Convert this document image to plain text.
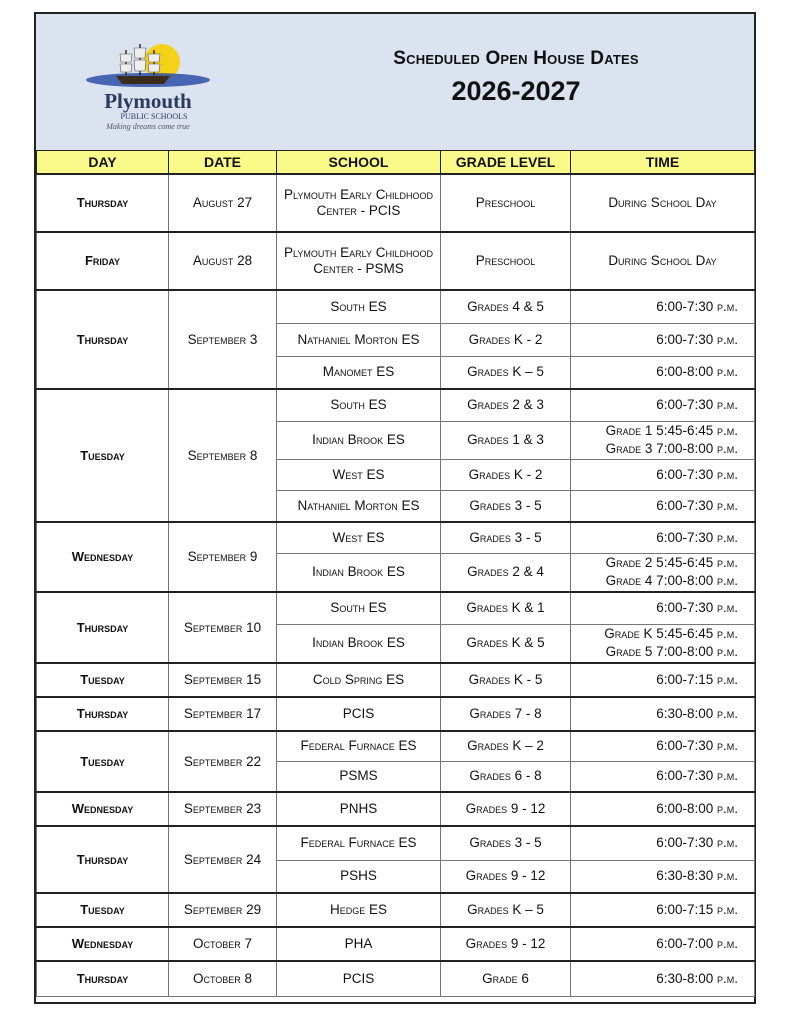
Plymouth
PUBLIC SCHOOLS
Making dreams come true
Scheduled Open House Dates
2026-2027
DAY	DATE	SCHOOL	GRADE LEVEL	TIME
Thursday	August 27	Plymouth Early Childhood Center - PCIS	Preschool	During School Day
Friday	August 28	Plymouth Early Childhood Center - PSMS	Preschool	During School Day
Thursday	September 3	South ES	Grades 4 & 5	6:00-7:30 p.m.
		Nathaniel Morton ES	Grades K - 2	6:00-7:30 p.m.
		Manomet ES	Grades K – 5	6:00-8:00 p.m.
Tuesday	September 8	South ES	Grades 2 & 3	6:00-7:30 p.m.
		Indian Brook ES	Grades 1 & 3	Grade 1 5:45-6:45 p.m.
Grade 3 7:00-8:00 p.m.

		West ES	Grades K - 2	6:00-7:30 p.m.
		Nathaniel Morton ES	Grades 3 - 5	6:00-7:30 p.m.
Wednesday	September 9	West ES	Grades 3 - 5	6:00-7:30 p.m.
		Indian Brook ES	Grades 2 & 4	Grade 2 5:45-6:45 p.m.
Grade 4 7:00-8:00 p.m.

Thursday	September 10	South ES	Grades K & 1	6:00-7:30 p.m.
		Indian Brook ES	Grades K & 5	Grade K 5:45-6:45 p.m.
Grade 5 7:00-8:00 p.m.

Tuesday	September 15	Cold Spring ES	Grades K - 5	6:00-7:15 p.m.
Thursday	September 17	PCIS	Grades 7 - 8	6:30-8:00 p.m.
Tuesday	September 22	Federal Furnace ES	Grades K – 2	6:00-7:30 p.m.
		PSMS	Grades 6 - 8	6:00-7:30 p.m.
Wednesday	September 23	PNHS	Grades 9 - 12	6:00-8:00 p.m.
Thursday	September 24	Federal Furnace ES	Grades 3 - 5	6:00-7:30 p.m.
		PSHS	Grades 9 - 12	6:30-8:30 p.m.
Tuesday	September 29	Hedge ES	Grades K – 5	6:00-7:15 p.m.
Wednesday	October 7	PHA	Grades 9 - 12	6:00-7:00 p.m.
Thursday	October 8	PCIS	Grade 6	6:30-8:00 p.m.
